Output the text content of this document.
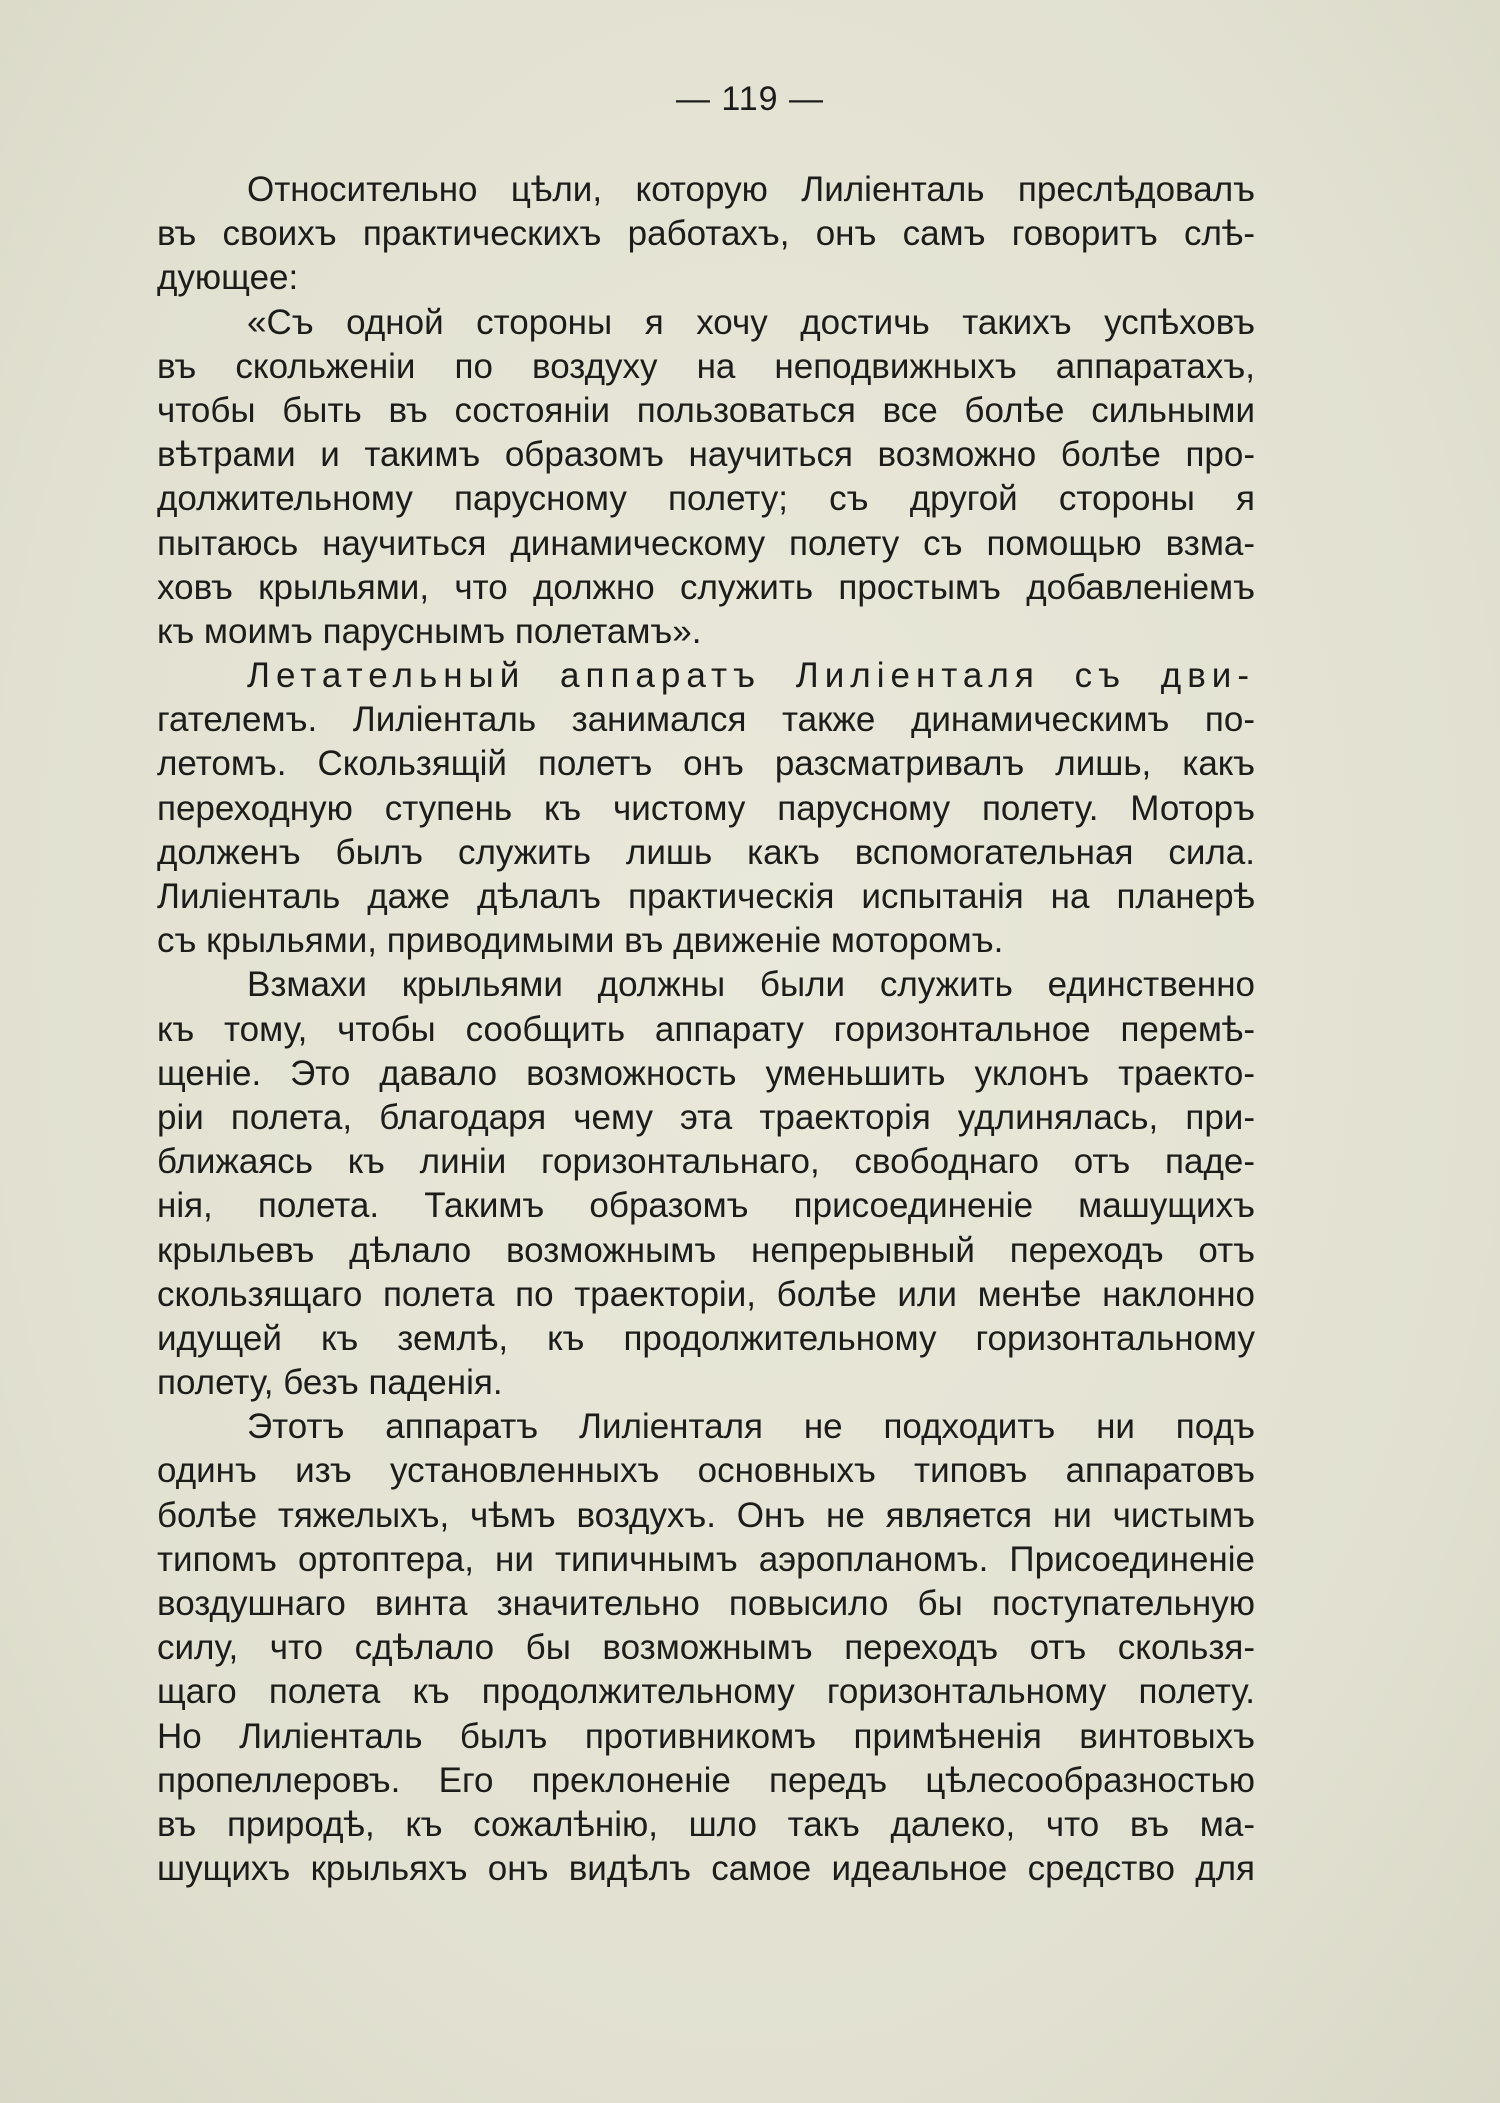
— 119 —
Относительно цѣли, которую Лилiенталь преслѣдовалъ
въ своихъ практическихъ работахъ, онъ самъ говоритъ слѣ-
дующее:
«Съ одной стороны я хочу достичь такихъ успѣховъ
въ скольженiи по воздуху на неподвижныхъ аппаратахъ,
чтобы быть въ состоянiи пользоваться все болѣе сильными
вѣтрами и такимъ образомъ научиться возможно болѣе про-
должительному парусному полету; съ другой стороны я
пытаюсь научиться динамическому полету съ помощью взма-
ховъ крыльями, что должно служить простымъ добавленiемъ
къ моимъ паруснымъ полетамъ».
Летательный аппаратъ Лилiенталя съ дви-
гателемъ. Лилiенталь занимался также динамическимъ по-
летомъ. Скользящiй полетъ онъ разсматривалъ лишь, какъ
переходную ступень къ чистому парусному полету. Моторъ
долженъ былъ служить лишь какъ вспомогательная сила.
Лилiенталь даже дѣлалъ практическiя испытанiя на планерѣ
съ крыльями, приводимыми въ движенiе моторомъ.
Взмахи крыльями должны были служить единственно
къ тому, чтобы сообщить аппарату горизонтальное перемѣ-
щенiе. Это давало возможность уменьшить уклонъ траекто-
рiи полета, благодаря чему эта траекторiя удлинялась, при-
ближаясь къ линiи горизонтальнаго, свободнаго отъ паде-
нiя, полета. Такимъ образомъ присоединенiе машущихъ
крыльевъ дѣлало возможнымъ непрерывный переходъ отъ
скользящаго полета по траекторiи, болѣе или менѣе наклонно
идущей къ землѣ, къ продолжительному горизонтальному
полету, безъ паденiя.
Этотъ аппаратъ Лилiенталя не подходитъ ни подъ
одинъ изъ установленныхъ основныхъ типовъ аппаратовъ
болѣе тяжелыхъ, чѣмъ воздухъ. Онъ не является ни чистымъ
типомъ ортоптера, ни типичнымъ аэропланомъ. Присоединенiе
воздушнаго винта значительно повысило бы поступательную
силу, что сдѣлало бы возможнымъ переходъ отъ скользя-
щаго полета къ продолжительному горизонтальному полету.
Но Лилiенталь былъ противникомъ примѣненiя винтовыхъ
пропеллеровъ. Его преклоненiе передъ цѣлесообразностью
въ природѣ, къ сожалѣнiю, шло такъ далеко, что въ ма-
шущихъ крыльяхъ онъ видѣлъ самое идеальное средство для
